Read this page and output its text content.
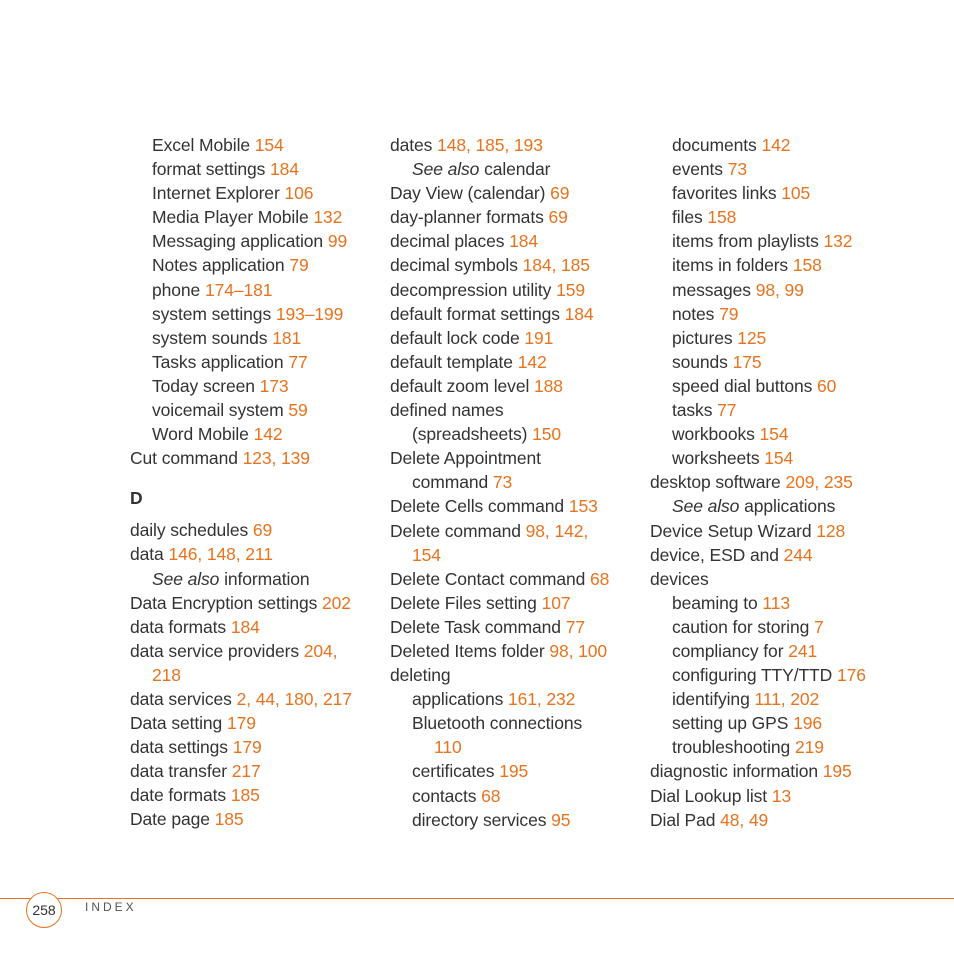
Excel Mobile 154
format settings 184
Internet Explorer 106
Media Player Mobile 132
Messaging application 99
Notes application 79
phone 174–181
system settings 193–199
system sounds 181
Tasks application 77
Today screen 173
voicemail system 59
Word Mobile 142
Cut command 123, 139
D
daily schedules 69
data 146, 148, 211
See also information
Data Encryption settings 202
data formats 184
data service providers 204,
218
data services 2, 44, 180, 217
Data setting 179
data settings 179
data transfer 217
date formats 185
Date page 185
dates 148, 185, 193
See also calendar
Day View (calendar) 69
day-planner formats 69
decimal places 184
decimal symbols 184, 185
decompression utility 159
default format settings 184
default lock code 191
default template 142
default zoom level 188
defined names
(spreadsheets) 150
Delete Appointment
command 73
Delete Cells command 153
Delete command 98, 142,
154
Delete Contact command 68
Delete Files setting 107
Delete Task command 77
Deleted Items folder 98, 100
deleting
applications 161, 232
Bluetooth connections
110
certificates 195
contacts 68
directory services 95
documents 142
events 73
favorites links 105
files 158
items from playlists 132
items in folders 158
messages 98, 99
notes 79
pictures 125
sounds 175
speed dial buttons 60
tasks 77
workbooks 154
worksheets 154
desktop software 209, 235
See also applications
Device Setup Wizard 128
device, ESD and 244
devices
beaming to 113
caution for storing 7
compliancy for 241
configuring TTY/TTD 176
identifying 111, 202
setting up GPS 196
troubleshooting 219
diagnostic information 195
Dial Lookup list 13
Dial Pad 48, 49
258 INDEX
